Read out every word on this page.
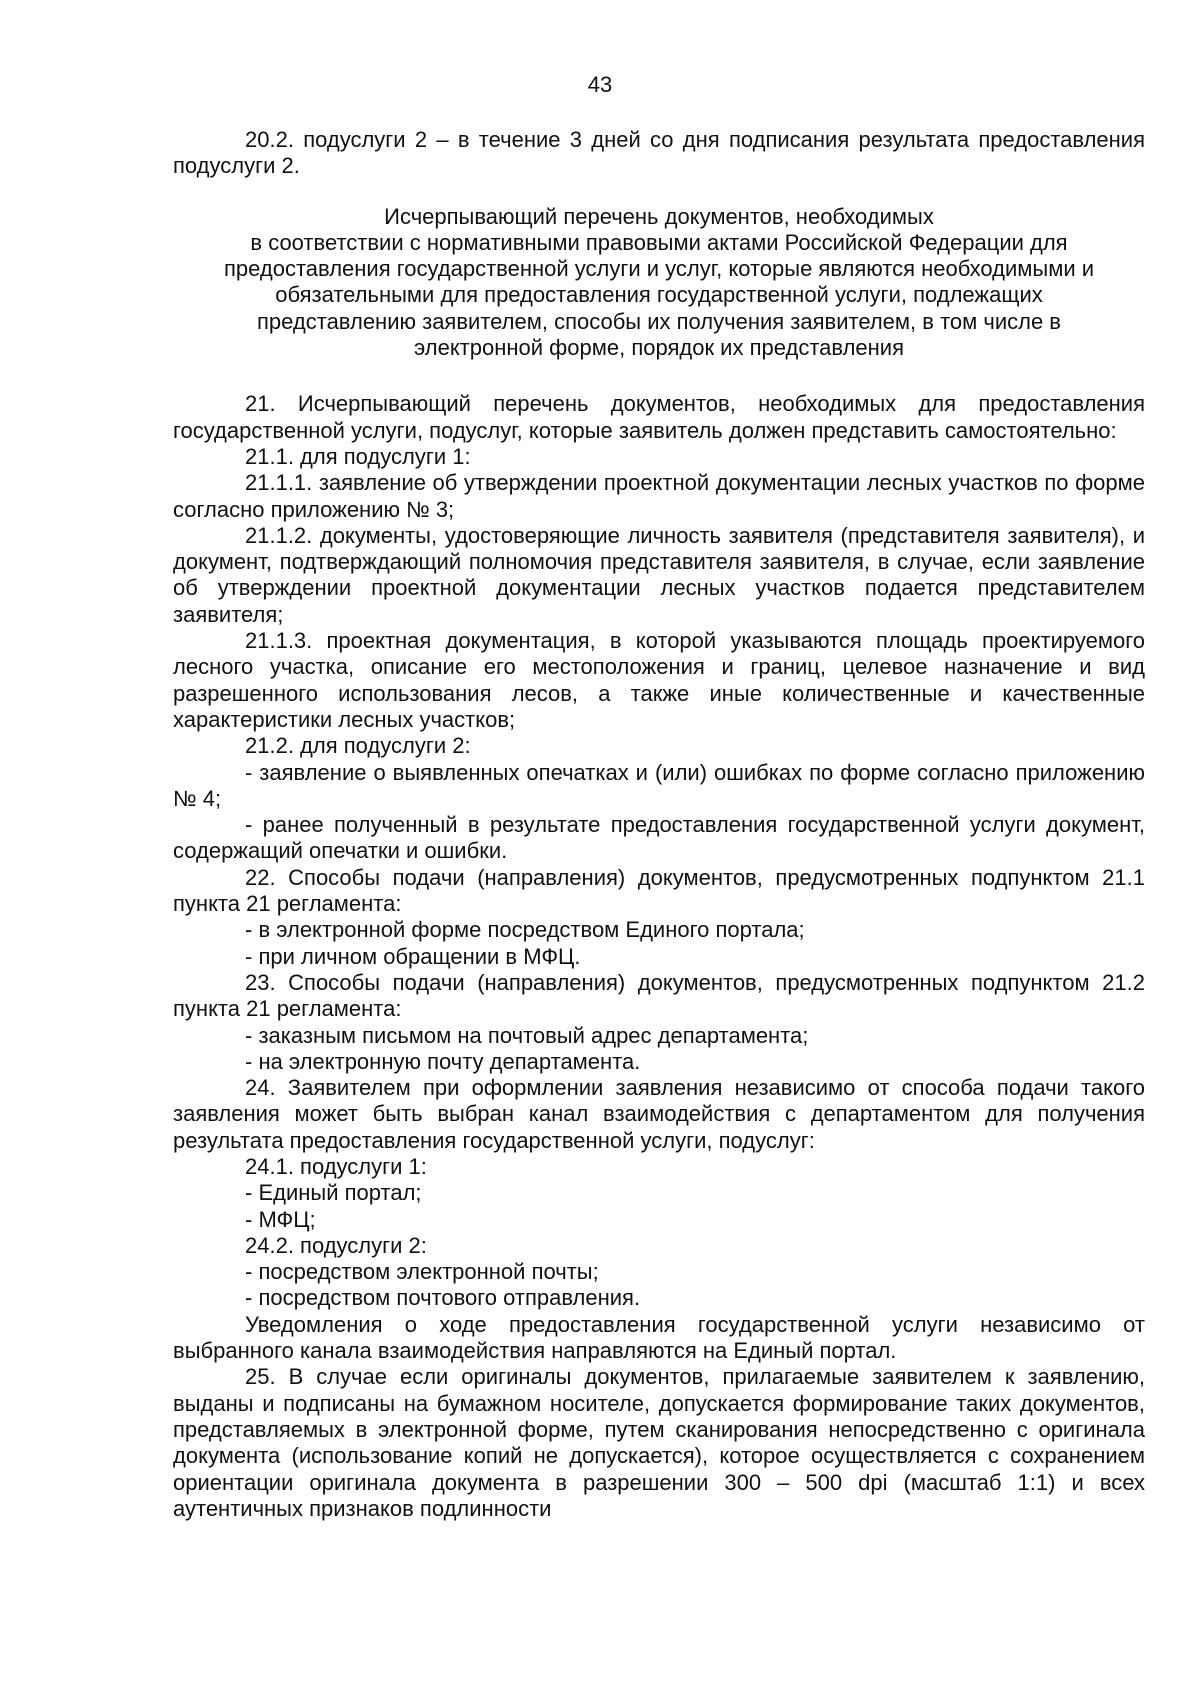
43

20.2. подуслуги 2 – в течение 3 дней со дня подписания результата предоставления подуслуги 2.

Исчерпывающий перечень документов, необходимых
в соответствии с нормативными правовыми актами Российской Федерации для
предоставления государственной услуги и услуг, которые являются необходимыми и
обязательными для предоставления государственной услуги, подлежащих
представлению заявителем, способы их получения заявителем, в том числе в
электронной форме, порядок их представления

21. Исчерпывающий перечень документов, необходимых для предоставления государственной услуги, подуслуг, которые заявитель должен представить самостоятельно:

21.1. для подуслуги 1:

21.1.1. заявление об утверждении проектной документации лесных участков по форме согласно приложению № 3;

21.1.2. документы, удостоверяющие личность заявителя (представителя заявителя), и документ, подтверждающий полномочия представителя заявителя, в случае, если заявление об утверждении проектной документации лесных участков подается представителем заявителя;

21.1.3. проектная документация, в которой указываются площадь проектируемого лесного участка, описание его местоположения и границ, целевое назначение и вид разрешенного использования лесов, а также иные количественные и качественные характеристики лесных участков;

21.2. для подуслуги 2:

- заявление о выявленных опечатках и (или) ошибках по форме согласно приложению № 4;

- ранее полученный в результате предоставления государственной услуги документ, содержащий опечатки и ошибки.

22. Способы подачи (направления) документов, предусмотренных подпунктом 21.1 пункта 21 регламента:

- в электронной форме посредством Единого портала;

- при личном обращении в МФЦ.

23. Способы подачи (направления) документов, предусмотренных подпунктом 21.2 пункта 21 регламента:

- заказным письмом на почтовый адрес департамента;

- на электронную почту департамента.

24. Заявителем при оформлении заявления независимо от способа подачи такого заявления может быть выбран канал взаимодействия с департаментом для получения результата предоставления государственной услуги, подуслуг:

24.1. подуслуги 1:

- Единый портал;

- МФЦ;

24.2. подуслуги 2:

- посредством электронной почты;

- посредством почтового отправления.

Уведомления о ходе предоставления государственной услуги независимо от выбранного канала взаимодействия направляются на Единый портал.

25. В случае если оригиналы документов, прилагаемые заявителем к заявлению, выданы и подписаны на бумажном носителе, допускается формирование таких документов, представляемых в электронной форме, путем сканирования непосредственно с оригинала документа (использование копий не допускается), которое осуществляется с сохранением ориентации оригинала документа в разрешении 300 – 500 dpi (масштаб 1:1) и всех аутентичных признаков подлинности
